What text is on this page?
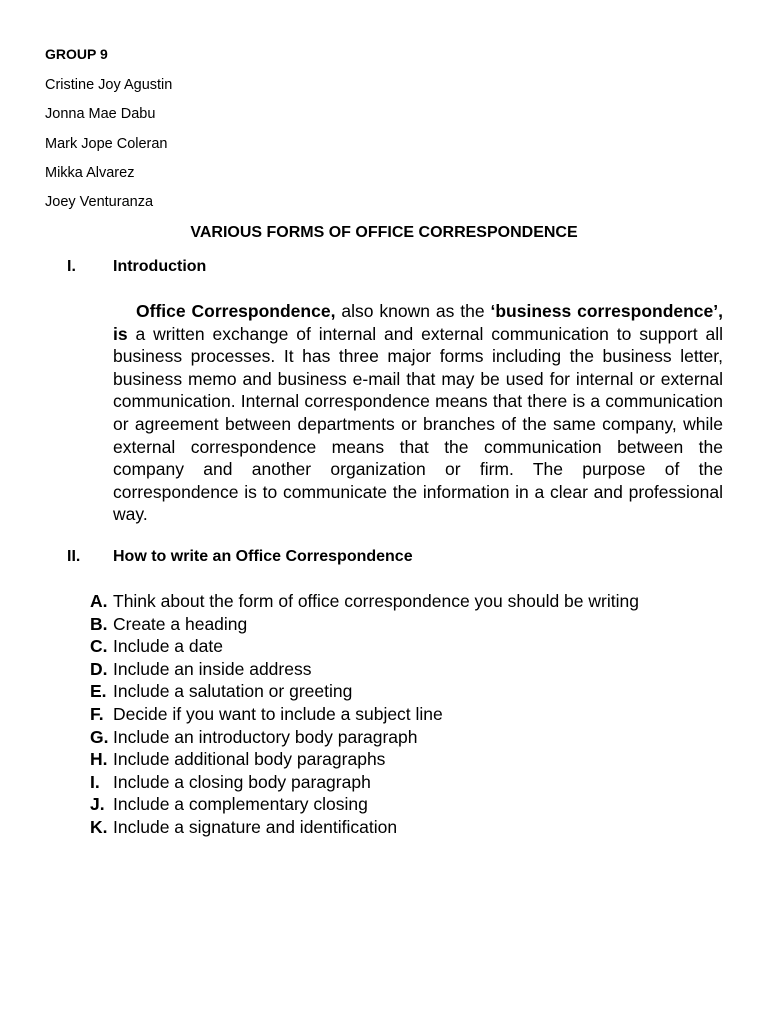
GROUP 9
Cristine Joy Agustin
Jonna Mae Dabu
Mark Jope Coleran
Mikka Alvarez
Joey Venturanza
VARIOUS FORMS OF OFFICE CORRESPONDENCE
I. Introduction

Office Correspondence, also known as the ‘business correspondence’, is a written exchange of internal and external communication to support all business processes. It has three major forms including the business letter, business memo and business e-mail that may be used for internal or external communication. Internal correspondence means that there is a communication or agreement between departments or branches of the same company, while external correspondence means that the communication between the company and another organization or firm. The purpose of the correspondence is to communicate the information in a clear and professional way.

II. How to write an Office Correspondence
A. Think about the form of office correspondence you should be writing
B. Create a heading
C. Include a date
D. Include an inside address
E. Include a salutation or greeting
F. Decide if you want to include a subject line
G. Include an introductory body paragraph
H. Include additional body paragraphs
I. Include a closing body paragraph
J. Include a complementary closing
K. Include a signature and identification
